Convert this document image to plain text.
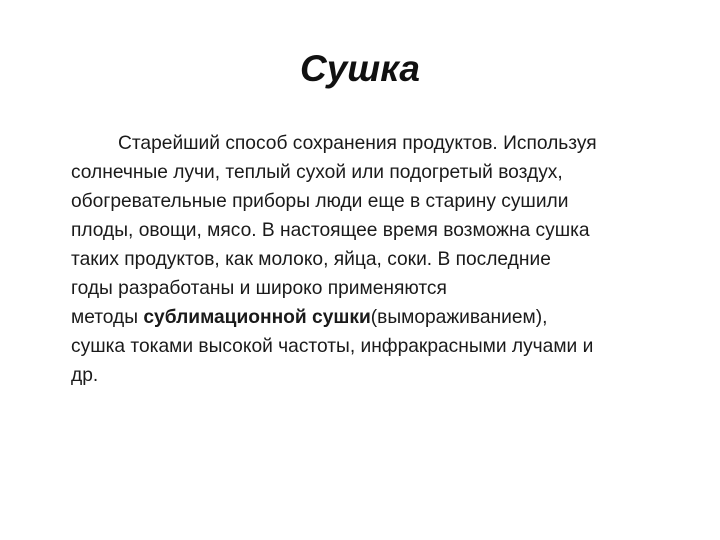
Сушка

Старейший способ сохранения продуктов. Используя
солнечные лучи, теплый сухой или подогретый воздух,
обогревательные приборы люди еще в старину сушили
плоды, овощи, мясо. В настоящее время возможна сушка
таких продуктов, как молоко, яйца, соки. В последние
годы разработаны и широко применяются
методы сублимационной сушки(вымораживанием),
сушка токами высокой частоты, инфракрасными лучами и
др.
